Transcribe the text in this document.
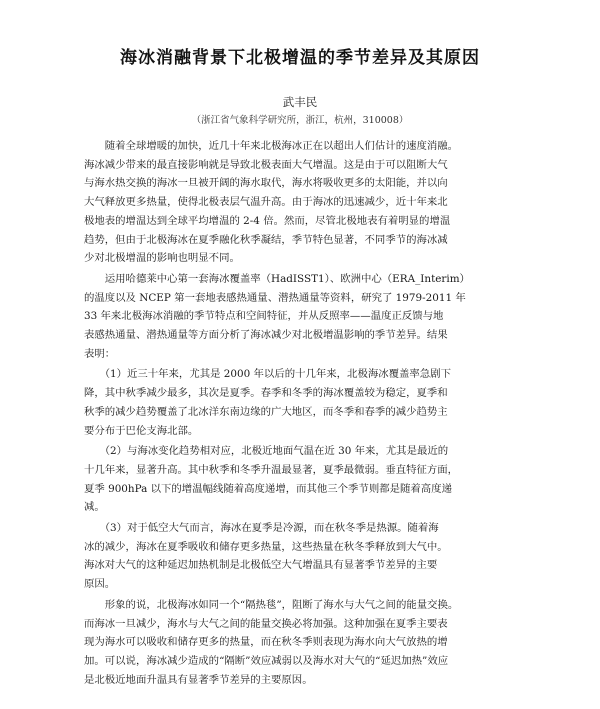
海冰消融背景下北极增温的季节差异及其原因
武丰民
（浙江省气象科学研究所，浙江，杭州，310008）
　　随着全球增暖的加快，近几十年来北极海冰正在以超出人们估计的速度消融。
海冰减少带来的最直接影响就是导致北极表面大气增温。这是由于可以阻断大气
与海水热交换的海冰一旦被开阔的海水取代，海水将吸收更多的太阳能，并以向
大气释放更多热量，使得北极表层气温升高。由于海冰的迅速减少，近十年来北
极地表的增温达到全球平均增温的 2-4 倍。然而，尽管北极地表有着明显的增温
趋势，但由于北极海冰在夏季融化秋季凝结，季节特色显著，不同季节的海冰减
少对北极增温的影响也明显不同。
　　运用哈德莱中心第一套海冰覆盖率（HadISST1）、欧洲中心（ERA_Interim）
的温度以及 NCEP 第一套地表感热通量、潜热通量等资料，研究了 1979-2011 年
33 年来北极海冰消融的季节特点和空间特征，并从反照率——温度正反馈与地
表感热通量、潜热通量等方面分析了海冰减少对北极增温影响的季节差异。结果
表明：
　　（1）近三十年来，尤其是 2000 年以后的十几年来，北极海冰覆盖率急剧下
降，其中秋季减少最多，其次是夏季。春季和冬季的海冰覆盖较为稳定，夏季和
秋季的减少趋势覆盖了北冰洋东南边缘的广大地区，而冬季和春季的减少趋势主
要分布于巴伦支海北部。
　　（2）与海冰变化趋势相对应，北极近地面气温在近 30 年来，尤其是最近的
十几年来，显著升高。其中秋季和冬季升温最显著，夏季最微弱。垂直特征方面，
夏季 900hPa 以下的增温幅线随着高度递增，而其他三个季节则都是随着高度递
减。
　　（3）对于低空大气而言，海冰在夏季是冷源，而在秋冬季是热源。随着海
冰的减少，海冰在夏季吸收和储存更多热量，这些热量在秋冬季释放到大气中。
海冰对大气的这种延迟加热机制是北极低空大气增温具有显著季节差异的主要
原因。
　　形象的说，北极海冰如同一个“隔热毯”，阻断了海水与大气之间的能量交换。
而海冰一旦减少，海水与大气之间的能量交换必将加强。这种加强在夏季主要表
现为海水可以吸收和储存更多的热量，而在秋冬季则表现为海水向大气放热的增
加。可以说，海冰减少造成的“隔断”效应减弱以及海水对大气的“延迟加热”效应
是北极近地面升温具有显著季节差异的主要原因。
